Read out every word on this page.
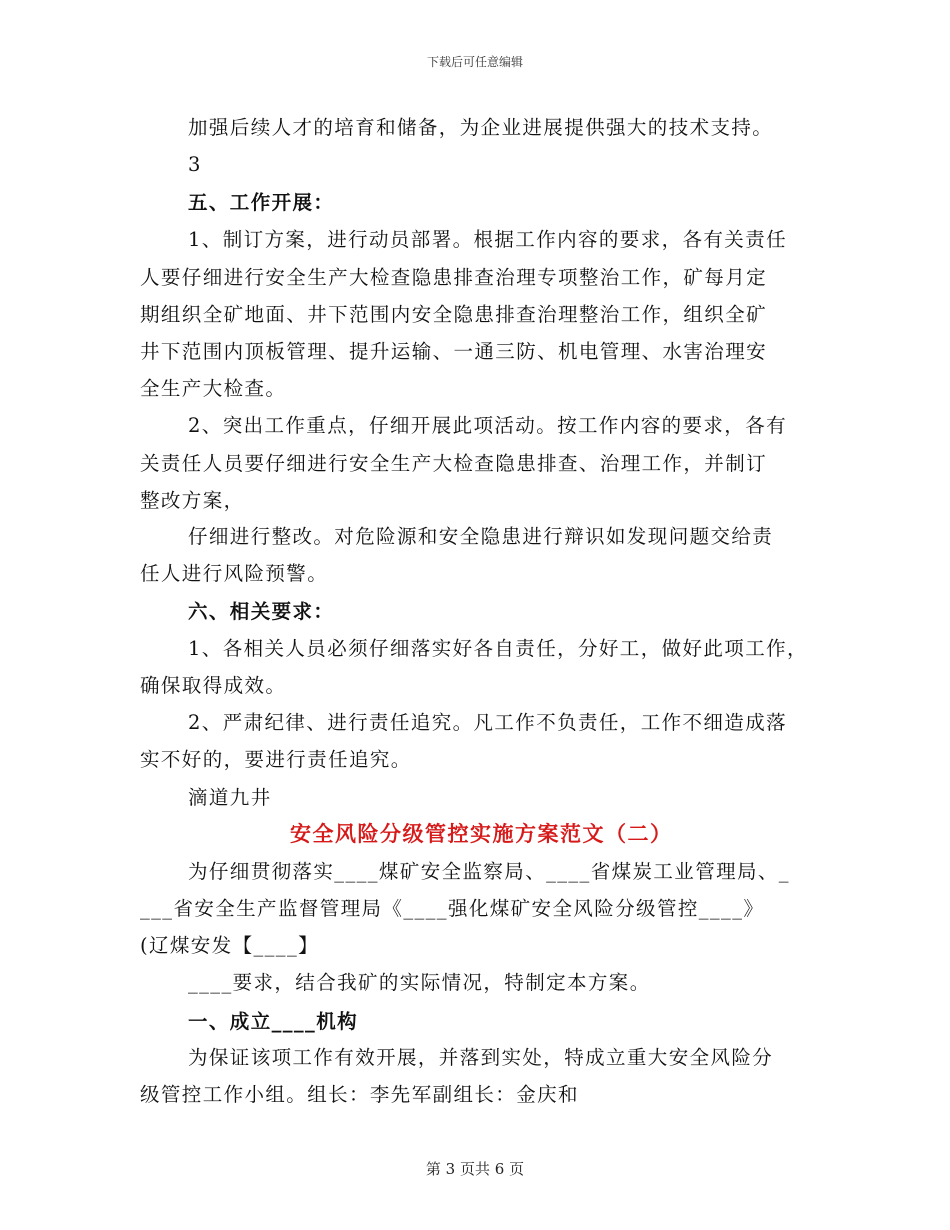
下载后可任意编辑
加强后续人才的培育和储备，为企业进展提供强大的技术支持。
3
五、工作开展：
1、制订方案，进行动员部署。根据工作内容的要求，各有关责任
人要仔细进行安全生产大检查隐患排查治理专项整治工作，矿每月定
期组织全矿地面、井下范围内安全隐患排查治理整治工作，组织全矿
井下范围内顶板管理、提升运输、一通三防、机电管理、水害治理安
全生产大检查。
2、突出工作重点，仔细开展此项活动。按工作内容的要求，各有
关责任人员要仔细进行安全生产大检查隐患排查、治理工作，并制订
整改方案，
仔细进行整改。对危险源和安全隐患进行辩识如发现问题交给责
任人进行风险预警。
六、相关要求：
1、各相关人员必须仔细落实好各自责任，分好工，做好此项工作，
确保取得成效。
2、严肃纪律、进行责任追究。凡工作不负责任，工作不细造成落
实不好的，要进行责任追究。
滴道九井
安全风险分级管控实施方案范文（二）
为仔细贯彻落实____煤矿安全监察局、____省煤炭工业管理局、_
___省安全生产监督管理局《____强化煤矿安全风险分级管控____》
(辽煤安发【____】
____要求，结合我矿的实际情况，特制定本方案。
一、成立____机构
为保证该项工作有效开展，并落到实处，特成立重大安全风险分
级管控工作小组。组长：李先军副组长：金庆和
第 3 页共 6 页
